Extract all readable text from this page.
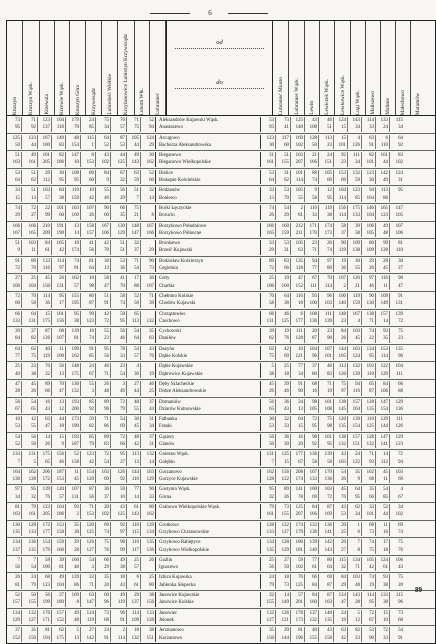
6
Kruszyn Kruszyn Wąsk. Krzewata Krzewie Wąsk. Kruszyn Góra Krzywosądz Lubiedość Wielkie Krzyżanowice Lubieżyn Krzywosądz Lubotń Włk. Lubranieć
od
do	Lubranieć Miasto Lubraniec Wąsk. Lewin Lewiczek Wąsk. Lewkowice Wąsk. Lugi Wąsk. Maliszewo Malinie Malechowo Maramów
73	71	123	104	179	24	75	76	71	52	Aleksandrów Kujawski Wąsk.	53	73	125	43	46	124	143	114	133	115
95	92	137	118	70	85	34	57	75	94	Anastazewo	93	41	140	108	51	15	34	33	24	34
125	123	167	149	48	115	64	87	105	124	Arcugowo	123	117	169	128	113	15	4	63	6	64
50	44	100	83	154	1	52	53	44	29	Bachorza Aleksandrowska	30	60	102	50	23	101	126	91	110	92
51	49	101	82	147	8	43	44	49	30	Bieganowo	31	51	103	21	24	92	111	82	101	83
163	161	205	186	10	153	102	125	143	162	Bieganowo Wielkopolskie	161	155	207	166	151	23	34	101	44	102
53	51	29	30	108	80	84	67	63	52	Bielice	53	31	101	88	105	153	132	123	142	124
64	62	112	95	95	60	9	32	59	60	Biskupie Kościelskie	64	62	114	74	60	69	59	30	49	31
33	51	103	84	119	10	55	56	51	32	Bodzanów	33	53	105	9	12	104	123	94	113	95
15	13	57	38	159	42	46	29	7	14	Bonlewo	13	70	55	58	95	114	85	104	86
74	72	22	101	103	107	90	66	75	Borki Łęczyckie	74	54	2	116	119	156	175	146	165	147
29	27	99	60	169	26	60	35	21	8	Borucin	26	29	81	33	38	114	133	104	123	105
166	166	210	191	13	158	167	130	148	167	Borzykowo Południowe	166	160	212	171	174	58	39	106	49	107
167	165	209	190	14	157	106	129	147	166	Borzykowo Północne	165	159	211	170	173	37	38	105	48	106
51	103	84	165	10	41	42	51	32	Bronisewo	33	53	105	23	26	90	109	80	99	81
9	11	61	42	174	56	70	51	37	29	Brześć Kujawski	29	31	63	71	74	119	138	109	128	110
91	89	133	114	74	81	30	53	71	90	Bodzisław Kościerzyn	89	83	135	94	97	19	30	29	28	30
72	70	116	97	91	64	13	36	54	73	Cegielnia	72	66	118	77	80	36	55	26	45	27
27	25	45	26	162	16	58	41	17	36	Cetty	25	19	47	67	70	107	126	97	116	98
106	104	150	131	57	98	47	70	88	107	Charbia	106	100	152	111	114	2	21	46	11	47
72	70	114	95	155	80	51	58	52	71	Chełmno Kolskie	70	64	116	93	96	100	119	90	109	91
60	58	36	17	195	87	91	74	50	39	Chodów Kujawski	58	38	18	100	103	140	159	130	149	131
66	64	15	101	95	99	42	58	65	Chrząstowiec	66	46	6	108	111	148	167	138	157	139
133	131	175	156	38	123	72	95	113	132	Czechowo	131	125	177	136	139	23	4	71	14	72
39	37	87	68	139	16	55	56	54	35	Cychowski	39	19	111	20	23	84	103	74	93	75
84	82	126	107	81	74	23	46	64	83	Daniłów	82	76	128	87	90	26	45	22	35	23
64	62	40	11	199	91	95	78	54	43	Dazyńo	62	42	10	104	107	144	163	134	153	135
77	75	119	100	162	85	56	33	57	76	Dąbie Kolskie	75	69	121	96	101	105	124	95	114	96
25	23	76	56	148	24	46	23	4	Dąbie Kujawskie	5	25	77	37	40	113	132	103	122	104
40	38	32	13	175	67	71	54	30	19	Dąbrowice Kujawskie	38	18	34	80	83	120	139	110	129	111
47	45	89	70	130	55	26	3	27	46	Dęby Szlacheckie	45	39	91	68	71	75	94	65	84	66
28	26	66	47	132	3	48	49	44	25	Dobre Aleksandrowskie	26	46	90	16	19	97	116	87	106	88
56	54	16	13	193	85	89	72	48	37	Domaniów	56	36	34	98	101	138	157	128	147	129
67	65	43	12	200	92	96	79	55	44	Dziarów Kutnowskie	65	43	13	105	108	145	164	135	154	136
10	12	63	44	173	59	71	54	30	31	Falbanka	30	32	64	72	75	120	139	110	129	111
53	55	47	18	190	82	86	69	45	34	Franki	53	33	15	95	98	135	154	125	144	126
54	56	14	15	193	85	89	72	48	37	Gąsiory	56	36	16	98	101	138	157	128	147	129
52	50	26	9	187	79	83	66	42	31	Glanów	50	30	20	92	95	132	151	122	141	123
133	131	175	156	52	123	72	95	113	132	Gniezno Wąsk.	131	125	177	136	139	43	24	71	14	72
7	5	65	46	158	42	54	37	13	14	Gołębin	7	15	67	58	58	103	122	93	112	94
164	162	206	187	11	154	103	126	144	163	Gorzanowo	162	156	208	167	170	54	35	102	45	103
130	128	172	153	45	120	69	92	110	129	Gorzyce Kujawskie	128	122	174	133	136	20	9	68	11	69
97	95	139	120	107	87	36	59	77	96	Gostynin Wąsk.	95	89	141	100	103	45	64	35	54	4
34	32	76	57	131	56	37	10	14	33	Górna	32	26	78	69	72	76	95	66	85	67
81	79	123	104	93	71	20	43	61	80	Grabowo Wielkopolskie Wąsk.	79	73	125	84	87	43	62	33	52	34
163	161	205	186	2	153	102	125	143	162	161	155	207	166	169	53	34	101	44	102
130	128	172	153	35	120	69	92	110	129	Grotkowo	128	122	174	133	136	20	1	68	11	69
135	133	177	158	30	125	74	97	115	134	Grzybowo Chrzanowskie	133	127	179	138	141	25	6	73	16	74
134	136	154	159	29	126	75	98	116	135	Grzybowo Rabiętyce	134	128	180	139	142	26	7	74	17	75
137	135	179	160	28	127	76	99	117	136	Grzybowo Wielkopolskie	135	129	181	140	143	27	8	75	18	76
7	7	58	39	160	54	66	49	25	26	Guźlin	25	27	59	77	80	115	134	105	124	106
56	54	100	81	48	3	29	38	57	Ignacewo	56	50	102	61	64	32	71	42	61	43
26	24	68	49	139	33	35	18	6	25	Izbica Kujawska	24	18	70	66	69	84	103	74	93	75
81	79	123	104	86	71	20	43	61	80	Jabłonka Słupecka	79	73	125	84	87	29	48	19	38	20
52	50	56	37	169	63	66	49	29	38	Janowice Kujawskie	32	14	57	84	87	124	143	114	133	115
157	155	199	180	8	147	96	119	137	156	Janowice Kolskie	155	149	201	160	163	47	28	95	38	96
134	132	176	157	49	124	73	96	114	133	Janowiec	132	126	178	137	140	24	5	72	15	73
129	127	171	152	48	119	68	91	109	128	Jelonek	127	121	173	132	135	19	12	67	10	68
37	35	81	62	5	27	24	2	18	38	Jerzmanowo	35	29	81	40	43	63	82	53	72	54
152	150	194	175	13	142	91	114	132	151	Kaczanowo	150	144	196	155	158	42	23	90	33	91
89
